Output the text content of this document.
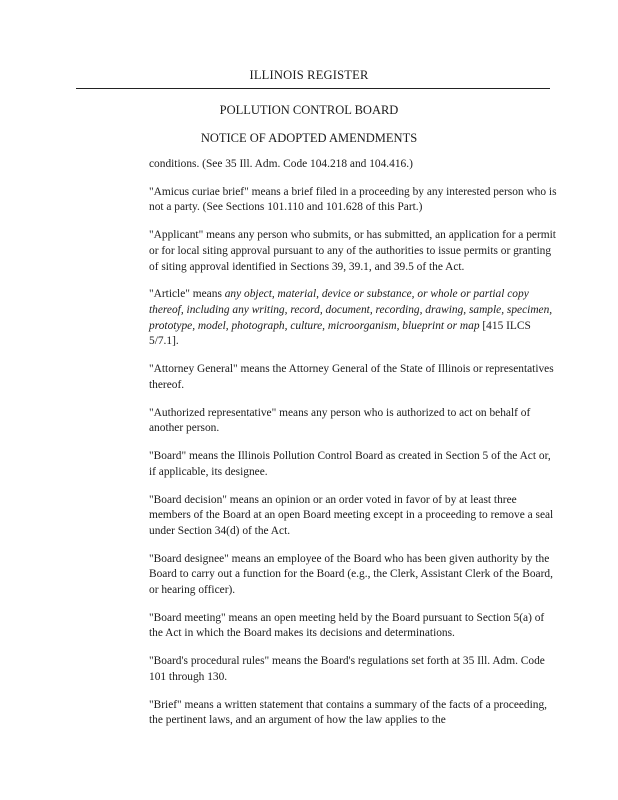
ILLINOIS REGISTER
POLLUTION CONTROL BOARD
NOTICE OF ADOPTED AMENDMENTS

conditions. (See 35 Ill. Adm. Code 104.218 and 104.416.)

"Amicus curiae brief" means a brief filed in a proceeding by any interested person who is not a party. (See Sections 101.110 and 101.628 of this Part.)

"Applicant" means any person who submits, or has submitted, an application for a permit or for local siting approval pursuant to any of the authorities to issue permits or granting of siting approval identified in Sections 39, 39.1, and 39.5 of the Act.

"Article" means any object, material, device or substance, or whole or partial copy thereof, including any writing, record, document, recording, drawing, sample, specimen, prototype, model, photograph, culture, microorganism, blueprint or map [415 ILCS 5/7.1].

"Attorney General" means the Attorney General of the State of Illinois or representatives thereof.

"Authorized representative" means any person who is authorized to act on behalf of another person.

"Board" means the Illinois Pollution Control Board as created in Section 5 of the Act or, if applicable, its designee.

"Board decision" means an opinion or an order voted in favor of by at least three members of the Board at an open Board meeting except in a proceeding to remove a seal under Section 34(d) of the Act.

"Board designee" means an employee of the Board who has been given authority by the Board to carry out a function for the Board (e.g., the Clerk, Assistant Clerk of the Board, or hearing officer).

"Board meeting" means an open meeting held by the Board pursuant to Section 5(a) of the Act in which the Board makes its decisions and determinations.

"Board's procedural rules" means the Board's regulations set forth at 35 Ill. Adm. Code 101 through 130.

"Brief" means a written statement that contains a summary of the facts of a proceeding, the pertinent laws, and an argument of how the law applies to the
